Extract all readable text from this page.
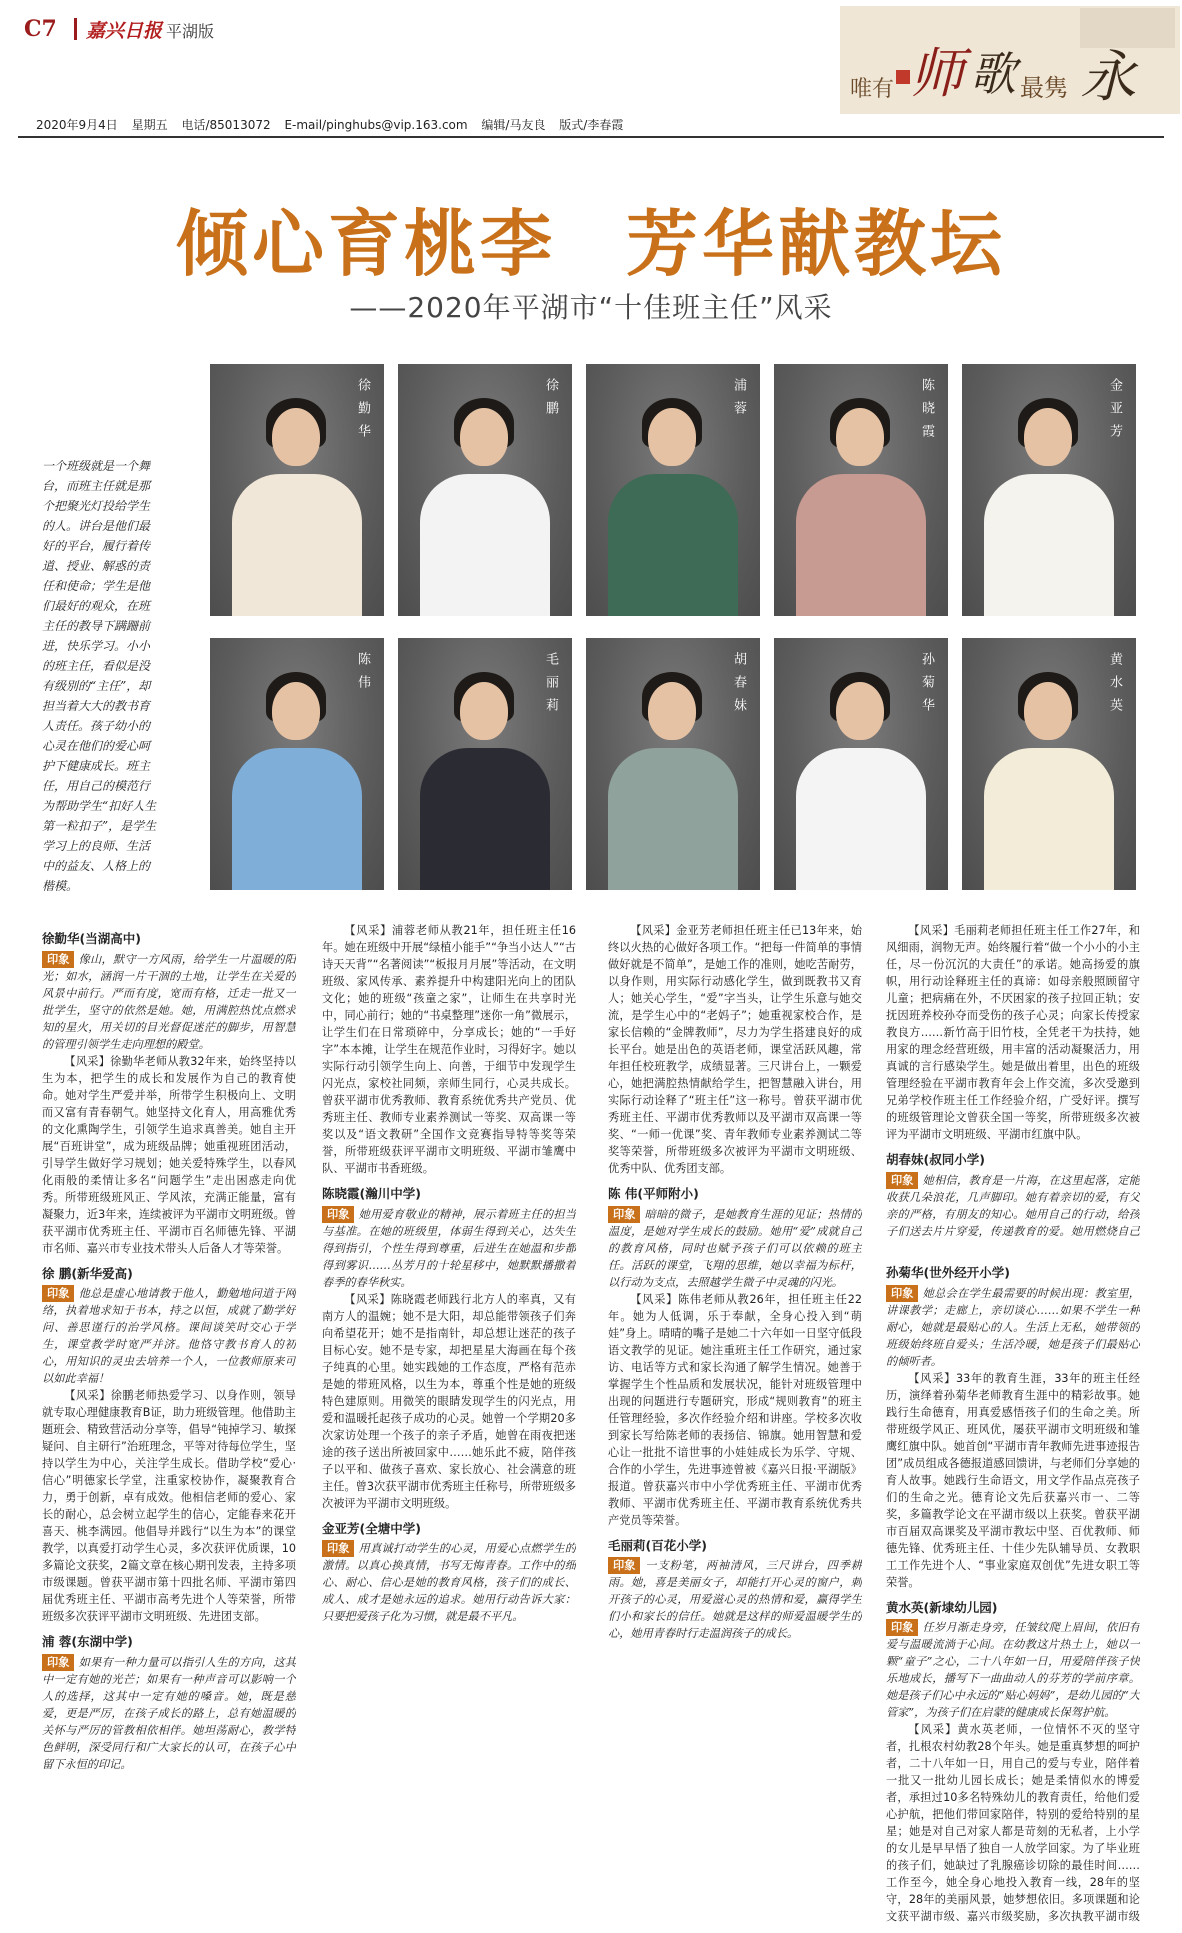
C7 嘉兴日报 平湖版
唯有 师 歌 最隽 永
2020年9月4日 星期五 电话/85013072 E-mail/pinghubs@vip.163.com 编辑/马友良 版式/李春霞
倾心育桃李 芳华献教坛
——2020年平湖市“十佳班主任”风采
一个班级就是一个舞台，而班主任就是那个把聚光灯投给学生的人。讲台是他们最好的平台，履行着传道、授业、解惑的责任和使命；学生是他们最好的观众，在班主任的教导下蹒跚前进，快乐学习。小小的班主任，看似是没有级别的“主任”，却担当着大大的教书育人责任。孩子幼小的心灵在他们的爱心呵护下健康成长。班主任，用自己的模范行为帮助学生“扣好人生第一粒扣子”，是学生学习上的良师、生活中的益友、人格上的楷模。
徐勤华	徐鹏	浦蓉	陈晓霞	金亚芳
陈伟	毛丽莉	胡春妹	孙菊华	黄水英
徐勤华(当湖高中)

印象 像山，默守一方风雨，给学生一片温暖的阳光；如水，涵润一片干涸的土地，让学生在关爱的风景中前行。严而有度，宽而有格，迁走一批又一批学生，坚守的依然是她。她，用满腔热忱点燃求知的星火，用关切的目光督促迷茫的脚步，用智慧的管理引领学生走向理想的殿堂。

【风采】徐勤华老师从教32年来，始终坚持以生为本，把学生的成长和发展作为自己的教育使命。她对学生严爱并举，所带学生积极向上、文明而又富有青春朝气。她坚持文化育人，用高雅优秀的文化熏陶学生，引领学生追求真善美。她自主开展“百班讲堂”，成为班级品牌；她重视班团活动，引导学生做好学习规划；她关爱特殊学生，以春风化雨般的柔情让多名“问题学生”走出困惑走向优秀。所带班级班风正、学风浓，充满正能量，富有凝聚力，近3年来，连续被评为平湖市文明班级。曾获平湖市优秀班主任、平湖市百名师德先锋、平湖市名师、嘉兴市专业技术带头人后备人才等荣誉。

徐 鹏(新华爱高)

印象 他总是虚心地请教于他人，勤勉地问道于网络，执着地求知于书本，持之以恒，成就了勤学好问、善思谨行的治学风格。课间谈笑时交心于学生，课堂教学时宽严并济。他恪守教书育人的初心，用知识的灵虫去培养一个人，一位教师原来可以如此幸福！

【风采】徐鹏老师热爱学习、以身作则，领导就专取心理健康教育B证，助力班级管理。他借助主题班会、精致营活动分享等，倡导“钝掉学习、敏探疑问、自主研行”治班理念，平等对待每位学生，坚持以学生为中心，关注学生成长。借助学校“爱心·信心”明德家长学堂，注重家校协作，凝聚教育合力，勇于创新，卓有成效。他相信老师的爱心、家长的耐心，总会树立起学生的信心，定能春来花开喜天、桃李满园。他倡导并践行“以生为本”的课堂教学，以真爱打动学生心灵，多次获评优质课，10多篇论文获奖，2篇文章在核心期刊发表，主持多项市级课题。曾获平湖市第十四批名师、平湖市第四届优秀班主任、平湖市高考先进个人等荣誉，所带班级多次获评平湖市文明班级、先进团支部。

浦 蓉(东湖中学)

印象 如果有一种力量可以指引人生的方向，这其中一定有她的光芒；如果有一种声音可以影响一个人的选择，这其中一定有她的嗓音。她，既是慈爱，更是严厉，在孩子成长的路上，总有她温暖的关怀与严厉的管教相依相伴。她坦荡耐心，教学特色鲜明，深受同行和广大家长的认可，在孩子心中留下永恒的印记。

【风采】浦蓉老师从教21年，担任班主任16年。她在班级中开展“绿植小能手”“争当小达人”“古诗天天背”“名著阅读”“板报月月展”等活动，在文明班级、家风传承、素养提升中构建阳光向上的团队文化；她的班级“孩童之家”，让师生在共享时光中，同心前行；她的“书桌整理”迷你一角”微展示，让学生们在日常琐碎中，分享成长；她的“一手好字”本本摊，让学生在规范作业时，习得好字。她以实际行动引领学生向上、向善，于细节中发现学生闪光点，家校社同频，亲师生同行，心灵共成长。曾获平湖市优秀教师、教育系统优秀共产党员、优秀班主任、教师专业素养测试一等奖、双高课一等奖以及“语文教研”全国作文竞赛指导特等奖等荣誉，所带班级获评平湖市文明班级、平湖市雏鹰中队、平湖市书香班级。

陈晓霞(瀚川中学)

印象 她用爱育敬业的精神，展示着班主任的担当与基准。在她的班级里，体弱生得到关心，达失生得到指引，个性生得到尊重，后进生在她温和步都得到雾识……丛芳月的十轮星移中，她默默播撒着春季的春华秋实。

【风采】陈晓霞老师践行北方人的率真，又有南方人的温婉；她不是大阳，却总能带领孩子们奔向希望花开；她不是指南针，却总想让迷茫的孩子目标心安。她不是专家，却把星星大海画在每个孩子纯真的心里。她实践她的工作态度，严格有范赤是她的带班风格，以生为本，尊重个性是她的班级特色建原则。用微笑的眼睛发现学生的闪光点，用爱和温暖托起孩子成功的心灵。她曾一个学期20多次家访处理一个孩子的亲子矛盾，她曾在雨夜把迷途的孩子送出所被回家中……她乐此不疲，陪伴孩子以平和、做孩子喜欢、家长放心、社会满意的班主任。曾3次获平湖市优秀班主任称号，所带班级多次被评为平湖市文明班级。

金亚芳(全塘中学)

印象 用真诚打动学生的心灵，用爱心点燃学生的激情。以真心换真情，书写无悔青春。工作中的细心、耐心、信心是她的教育风格，孩子们的成长、成人、成才是她永远的追求。她用行动告诉大家：只要把爱孩子化为习惯，就是最不平凡。

【风采】金亚芳老师担任班主任已13年来，始终以火热的心做好各项工作。“把每一件简单的事情做好就是不简单”，是她工作的准则，她吃苦耐劳，以身作则，用实际行动感化学生，做到既教书又育人；她关心学生，“爱”字当头，让学生乐意与她交流，是学生心中的“老妈子”；她重视家校合作，是家长信赖的“金牌教师”，尽力为学生搭建良好的成长平台。她是出色的英语老师，课堂活跃风趣，常年担任校班教学，成绩显著。三尺讲台上，一颗爱心，她把满腔热情献给学生，把智慧融入讲台，用实际行动诠释了“班主任”这一称号。曾获平湖市优秀班主任、平湖市优秀教师以及平湖市双高课一等奖、“一师一优课”奖、青年教师专业素养测试二等奖等荣誉，所带班级多次被评为平湖市文明班级、优秀中队、优秀团支部。

陈 伟(平师附小)

印象 暗暗的微子，是她教育生涯的见证；热情的温度，是她对学生成长的鼓励。她用“爱”成就自己的教育风格，同时也赋予孩子们可以依赖的班主任。活跃的课堂，飞翔的思维，她以幸福为标杆，以行动为支点，去照越学生微子中灵魂的闪光。

【风采】陈伟老师从教26年，担任班主任22年。她为人低调，乐于奉献，全身心投入到“萌娃”身上。晴晴的嘴子是她二十六年如一日坚守低段语文教学的见证。她注重班主任工作研究，通过家访、电话等方式和家长沟通了解学生情况。她善于掌握学生个性品质和发展状况，能针对班级管理中出现的问题进行专题研究，形成“规则教育”的班主任管理经验，多次作经验介绍和讲座。学校多次收到家长写给陈老师的表扬信、锦旗。她用智慧和爱心让一批批不谙世事的小娃娃成长为乐学、守规、合作的小学生，先进事迹曾被《嘉兴日报·平湖版》报道。曾获嘉兴市中小学优秀班主任、平湖市优秀教师、平湖市优秀班主任、平湖市教育系统优秀共产党员等荣誉。

毛丽莉(百花小学)

印象 一支粉笔，两袖清风，三尺讲台，四季耕雨。她，喜是美丽女子，却能打开心灵的窗户，刺开孩子的心灵，用爱滋心灵的热情和爱，赢得学生们小和家长的信任。她就是这样的师爱温暖学生的心，她用青春时行走温润孩子的成长。

【风采】毛丽莉老师担任班主任工作27年，和风细雨，润物无声。始终履行着“做一个小小的小主任，尽一份沉沉的大责任”的承诺。她高扬爱的旗帜，用行动诠释班主任的真谛：如母亲般照顾留守儿童；把病痛在外，不厌困家的孩子拉回正轨；安抚因班养校孙夺而受伤的孩子心灵；向家长传授家教良方……新竹高于旧竹枝，全凭老干为扶持，她用家的理念经营班级，用丰富的活动凝聚活力，用真诚的言行感染学生。她是做出着里，出色的班级管理经验在平湖市教育年会上作交流，多次受邀到兄弟学校作班主任工作经验介绍，广受好评。撰写的班级管理论文曾获全国一等奖，所带班级多次被评为平湖市文明班级、平湖市红旗中队。

胡春妹(叔同小学)

印象 她相信，教育是一片海，在这里起落，定能收获几朵浪花，几声脚印。她有着亲切的爱，有父亲的严格，有朋友的知心。她用自己的行动，给孩子们送去片片穿爱，传递教育的爱。她用燃烧自己

孙菊华(世外经开小学)

印象 她总会在学生最需要的时候出现：教室里，讲课教学；走廊上，亲切谈心……如果不学生一种耐心，她就是最贴心的人。生活上无私，她带领的班级始终班自爱头；生活冷暖，她是孩子们最贴心的倾听者。

【风采】33年的教育生涯，33年的班主任经历，演绎着孙菊华老师教育生涯中的精彩故事。她践行生命德育，用真爱感悟孩子们的生命之美。所带班级学风正、班风优，屡获平湖市文明班级和雏鹰红旗中队。她首创“平湖市青年教师先进事迹报告团”成员组成各德报道感回馈讲，与老师们分享她的育人故事。她践行生命语文，用文学作品点亮孩子们的生命之光。德育论文先后获嘉兴市一、二等奖，多篇教学论文在平湖市级以上获奖。曾获平湖市百届双高课奖及平湖市教坛中坚、百优教师、师德先锋、优秀班主任、十佳少先队辅导员、女教职工工作先进个人、“事业家庭双创优”先进女职工等荣誉。

黄水英(新埭幼儿园)

印象 任岁月渐走身旁，任皱纹爬上眉间，依旧有爱与温暖流淌于心间。在幼教这片热土上，她以一颗“童子”之心，二十八年如一日，用爱陪伴孩子快乐地成长，播写下一曲曲动人的芬芳的学前序章。她是孩子们心中永远的“贴心妈妈”，是幼儿园的“大管家”，为孩子们在启蒙的健康成长保驾护航。

【风采】黄水英老师，一位情怀不灭的坚守者，扎根农村幼教28个年头。她是重真梦想的呵护者，二十八年如一日，用自己的爱与专业，陪伴着一批又一批幼儿园长成长；她是柔情似水的博爱者，承担过10多名特殊幼儿的教育责任，给他们爱心护航，把他们带回家陪伴，特别的爱给特别的星星；她是对自己对家人都是苛刻的无私者，上小学的女儿是早早悟了独自一人放学回家。为了毕业班的孩子们，她缺过了乳腺癌诊切除的最佳时间……工作至今，她全身心地投入教育一线，28年的坚守，28年的美丽风景，她梦想依旧。多项课题和论文获平湖市级、嘉兴市级奖励，多次执教平湖市级
